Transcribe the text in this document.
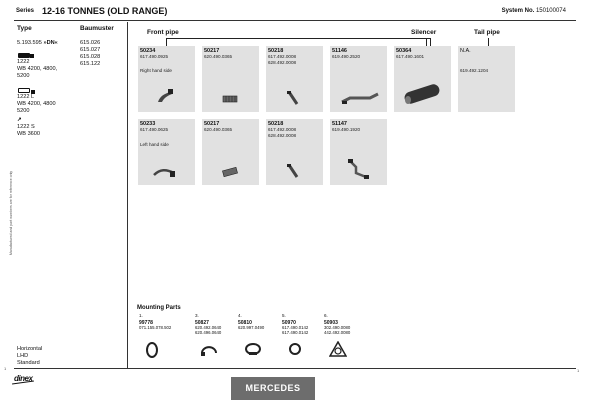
Series 12-16 TONNES (OLD RANGE)	System No. 150100074
Manufactured and part numbers are for reference only
Type	Baumuster
5.193.595 »DN«
1222
WB 4200, 4800,
5200
1222 L
WB 4200, 4800
5200
↗
1222 S
WB 3600
615.026
615.027
615.028
615.122
Horizontal
LHD
Standard
Front pipe	Silencer	Tail pipe
50234
617.490.0925
Right hand side
50217
620.490.0365
50218
617.492.0008
628.492.0008
51146
619.490.2520
50364
617.490.1601
N.A.
619.492.1204
50233
617.490.0625
Left hand side
50217
620.490.0365
50218
617.492.0008
628.492.0008
51147
619.490.1920
Mounting Parts
1.
99778
071.155.078.502
3.
50827
620.492.0640
620.496.0640
4.
50810
620.997.0490
5.
50970
617.490.0142
617.490.0142
6.
50903
302.490.0080
442.492.0080
1	1
dinex
MERCEDES
